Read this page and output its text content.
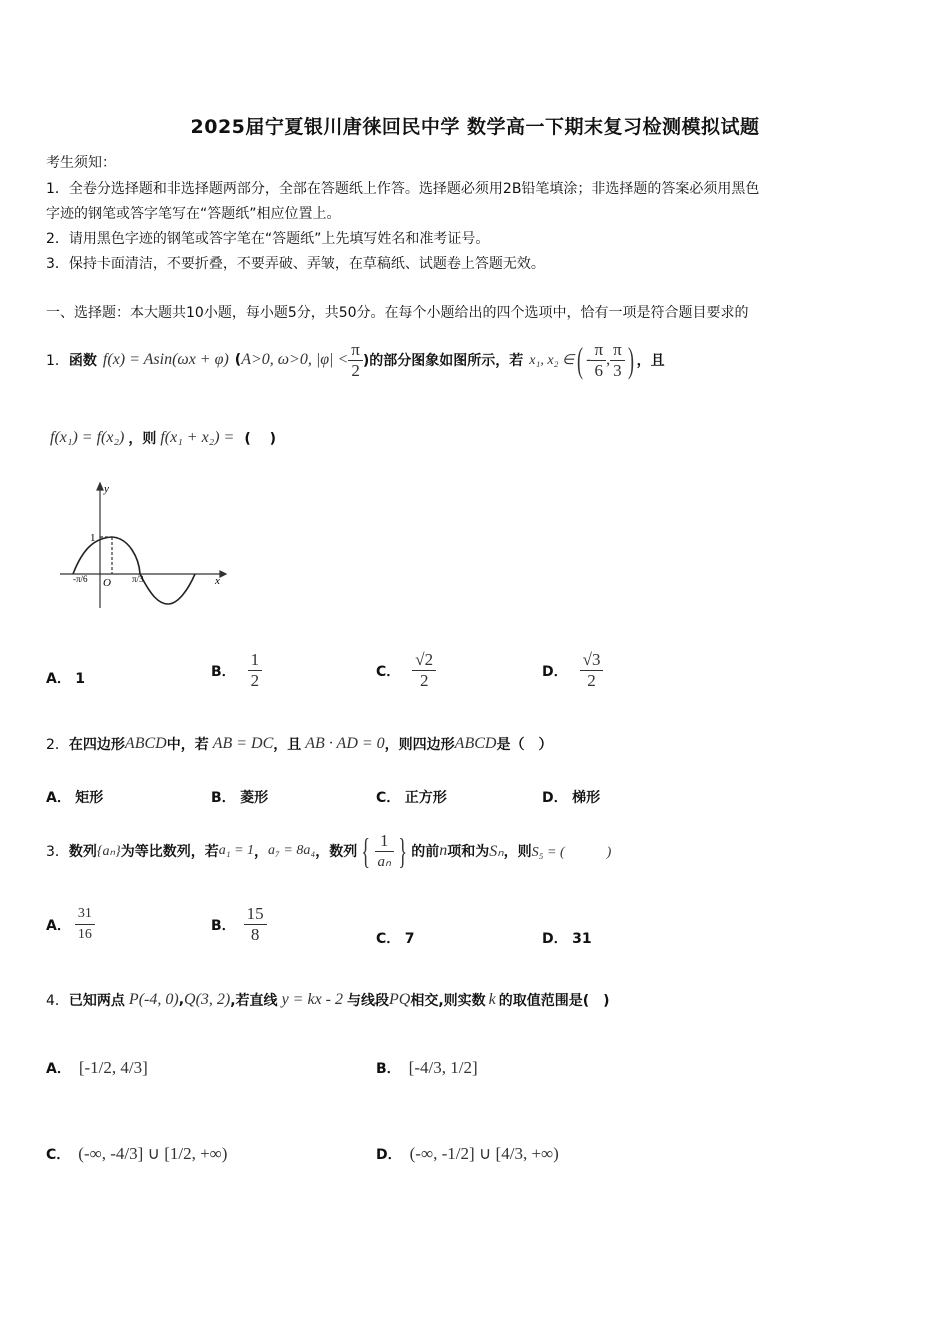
2025届宁夏银川唐徕回民中学 数学高一下期末复习检测模拟试题
考生须知：
1．全卷分选择题和非选择题两部分，全部在答题纸上作答。选择题必须用2B铅笔填涂；非选择题的答案必须用黑色
字迹的钢笔或答字笔写在“答题纸”相应位置上。
2．请用黑色字迹的钢笔或答字笔在“答题纸”上先填写姓名和准考证号。
3．保持卡面清洁，不要折叠，不要弄破、弄皱，在草稿纸、试题卷上答题无效。
一、选择题：本大题共10小题，每小题5分，共50分。在每个小题给出的四个选项中，恰有一项是符合题目要求的
1． 函数 f(x) = Asin(ωx + φ) ( A>0, ω>0, $|\varphi| < \frac{\pi}{2}$ )的部分图象如图所示，若 x₁, x₂ ∈ ( - $\frac{\pi}{6}$ , $\frac{\pi}{3}$ ) ，且
f(x₁) = f(x₂) ，则 f(x₁ + x₂) = (　 )
y
x
O
1
-π/6	π/3
A． 1	B． $\frac{1}{2}$	C． $\frac{√2}{2}$	D． $\frac{√3}{2}$
2． 在四边形 ABCD 中，若 AB = DC ，且 AB · AD = 0 ，则四边形 ABCD 是（　）
A． 矩形	B． 菱形	C． 正方形	D． 梯形
3． 数列 {aₙ} 为等比数列，若 a₁ = 1 ， a₇ = 8a₄ ，数列 { $\frac{1}{\text{aₙ}}$ } 的前 n 项和为 Sₙ ，则 S₅ = (　　　)
A． $\frac{31}{16}$	B． $\frac{15}{8}$	C． 7	D． 31
4． 已知两点 P(-4, 0) , Q(3, 2) ,若直线 y = kx - 2 与线段 PQ 相交,则实数 k 的取值范围是(　)
A． [-1/2, 4/3]	B． [-4/3, 1/2]
C． (-∞, -4/3] ∪ [1/2, +∞)	D． (-∞, -1/2] ∪ [4/3, +∞)
